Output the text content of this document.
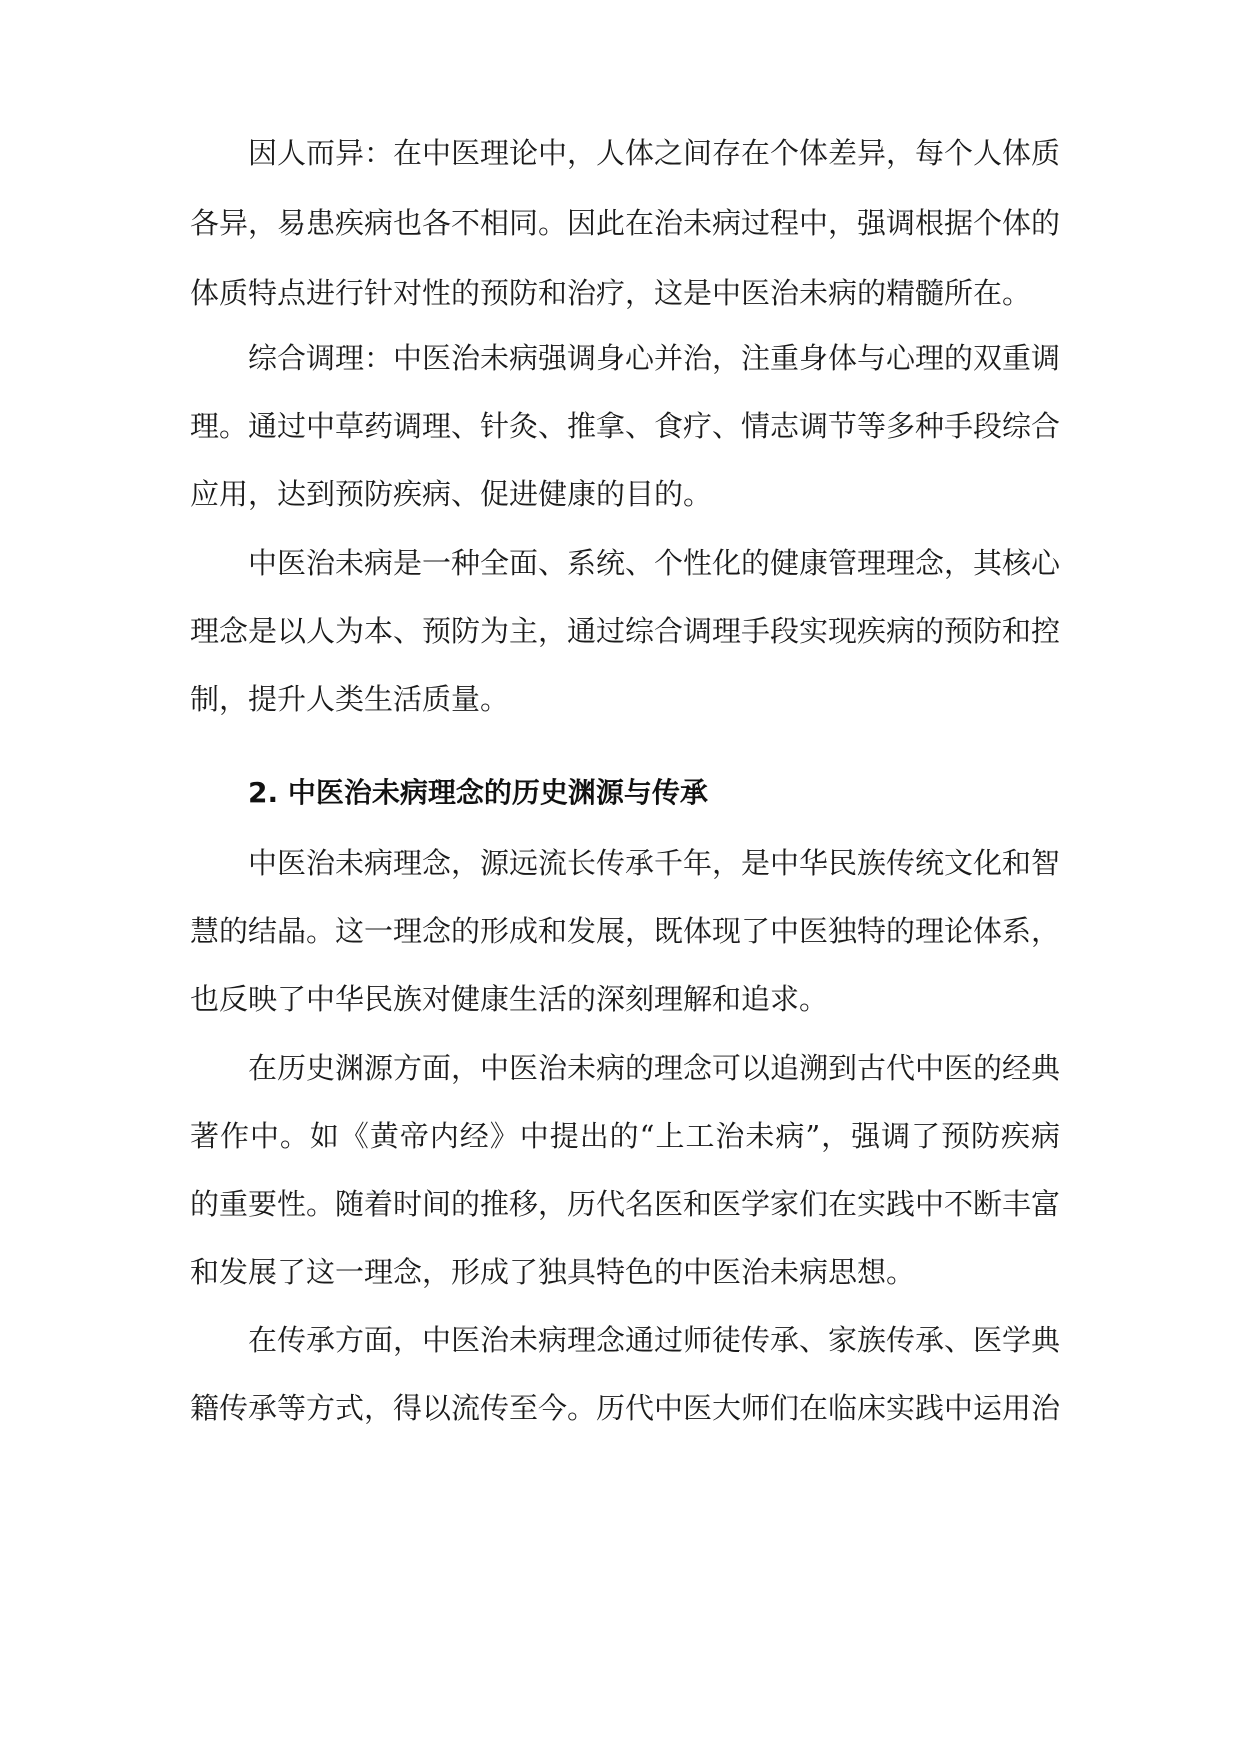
因人而异：在中医理论中，人体之间存在个体差异，每个人体质
各异，易患疾病也各不相同。因此在治未病过程中，强调根据个体的
体质特点进行针对性的预防和治疗，这是中医治未病的精髓所在。
综合调理：中医治未病强调身心并治，注重身体与心理的双重调
理。通过中草药调理、针灸、推拿、食疗、情志调节等多种手段综合
应用，达到预防疾病、促进健康的目的。
中医治未病是一种全面、系统、个性化的健康管理理念，其核心
理念是以人为本、预防为主，通过综合调理手段实现疾病的预防和控
制，提升人类生活质量。
2. 中医治未病理念的历史渊源与传承
中医治未病理念，源远流长传承千年，是中华民族传统文化和智
慧的结晶。这一理念的形成和发展，既体现了中医独特的理论体系，
也反映了中华民族对健康生活的深刻理解和追求。
在历史渊源方面，中医治未病的理念可以追溯到古代中医的经典
著作中。如《黄帝内经》中提出的“上工治未病”，强调了预防疾病
的重要性。随着时间的推移，历代名医和医学家们在实践中不断丰富
和发展了这一理念，形成了独具特色的中医治未病思想。
在传承方面，中医治未病理念通过师徒传承、家族传承、医学典
籍传承等方式，得以流传至今。历代中医大师们在临床实践中运用治
